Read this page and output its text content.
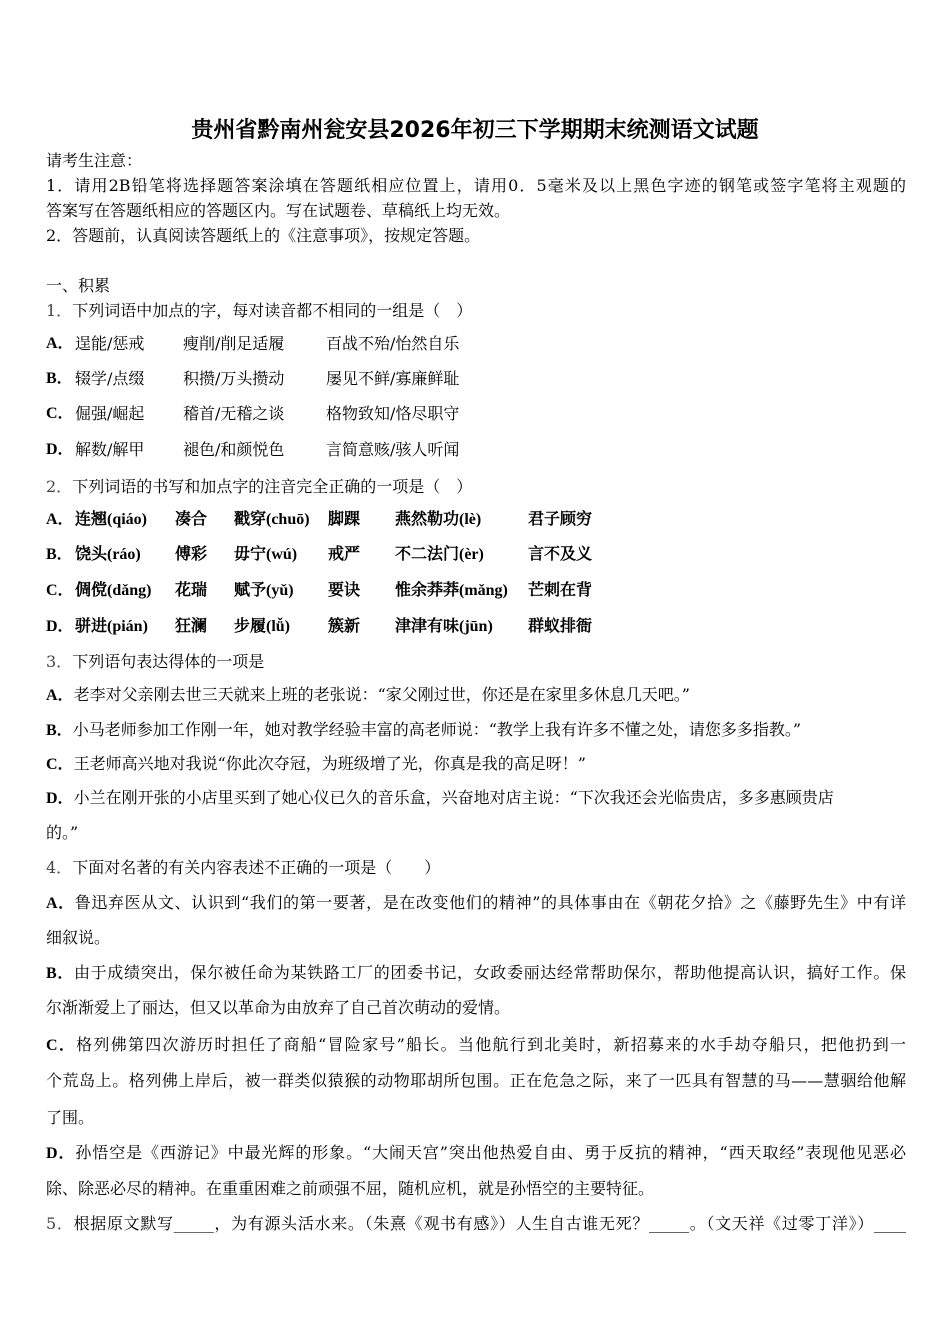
贵州省黔南州瓮安县2026年初三下学期期末统测语文试题
请考生注意：
1．请用2B铅笔将选择题答案涂填在答题纸相应位置上，请用0．5毫米及以上黑色字迹的钢笔或签字笔将主观题的
答案写在答题纸相应的答题区内。写在试题卷、草稿纸上均无效。
2．答题前，认真阅读答题纸上的《注意事项》，按规定答题。
一、积累
1．下列词语中加点的字，每对读音都不相同的一组是（　）
A． 逞能/惩戒 瘦削/削足适履	百战不殆/怡然自乐
B． 辍学/点缀 积攒/万头攒动	屡见不鲜/寡廉鲜耻
C． 倔强/崛起 稽首/无稽之谈	格物致知/恪尽职守
D． 解数/解甲 褪色/和颜悦色	言简意赅/骇人听闻
2．下列词语的书写和加点字的注音完全正确的一项是（　）
A． 连翘(qiáo) 凑合 戳穿(chuō) 脚踝 燕然勒功(lè)	君子顾穷
B． 饶头(ráo) 傅彩 毋宁(wú) 戒严 不二法门(èr)	言不及义
C． 倜傥(dǎng) 花瑞 赋予(yǔ) 要诀 惟余莽莽(mǎng) 芒刺在背
D． 骈进(pián) 狂澜 步履(lǚ) 簇新 津津有味(jūn) 群蚁排衙
3．下列语句表达得体的一项是
A．老李对父亲刚去世三天就来上班的老张说：“家父刚过世，你还是在家里多休息几天吧。”
B．小马老师参加工作刚一年，她对教学经验丰富的高老师说：“教学上我有许多不懂之处，请您多多指教。”
C．王老师高兴地对我说“你此次夺冠，为班级增了光，你真是我的高足呀！”
D．小兰在刚开张的小店里买到了她心仪已久的音乐盒，兴奋地对店主说：“下次我还会光临贵店，多多惠顾贵店
的。”
4．下面对名著的有关内容表述不正确的一项是（　　）
A．鲁迅弃医从文、认识到“我们的第一要著，是在改变他们的精神”的具体事由在《朝花夕拾》之《藤野先生》中有详
细叙说。
B．由于成绩突出，保尔被任命为某铁路工厂的团委书记，女政委丽达经常帮助保尔，帮助他提高认识，搞好工作。保
尔渐渐爱上了丽达，但又以革命为由放弃了自己首次萌动的爱情。
C．格列佛第四次游历时担任了商船“冒险家号”船长。当他航行到北美时，新招募来的水手劫夺船只，把他扔到一
个荒岛上。格列佛上岸后，被一群类似猿猴的动物耶胡所包围。正在危急之际，来了一匹具有智慧的马——慧骃给他解
了围。
D．孙悟空是《西游记》中最光辉的形象。“大闹天宫”突出他热爱自由、勇于反抗的精神，“西天取经”表现他见恶必
除、除恶必尽的精神。在重重困难之前顽强不屈，随机应机，就是孙悟空的主要特征。
5．根据原文默写_____，为有源头活水来。（朱熹《观书有感》）人生自古谁无死？_____。（文天祥《过零丁洋》）____
